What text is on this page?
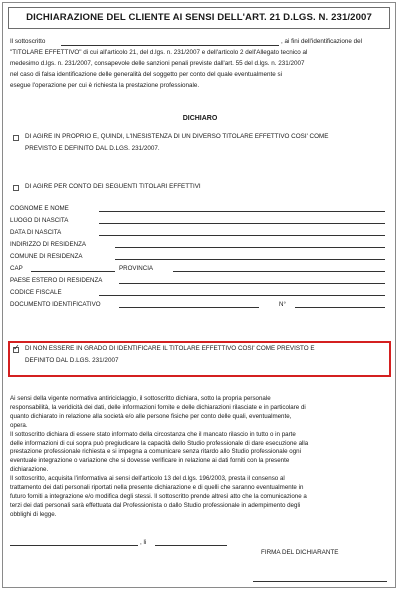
DICHIARAZIONE DEL CLIENTE AI SENSI DELL'ART. 21 D.LGS. N. 231/2007
Il sottoscritto	, ai fini dell'identificazione del
"TITOLARE EFFETTIVO" di cui all'articolo 21, del d.lgs. n. 231/2007 e dell'articolo 2 dell'Allegato tecnico al
medesimo d.lgs. n. 231/2007, consapevole delle sanzioni penali previste dall'art. 55 del d.lgs. n. 231/2007
nel caso di falsa identificazione delle generalità del soggetto per conto del quale eventualmente si
esegue l'operazione per cui è richiesta la prestazione professionale.
DICHIARO
DI AGIRE IN PROPRIO E, QUINDI, L'INESISTENZA DI UN DIVERSO TITOLARE EFFETTIVO COSI' COME
PREVISTO E DEFINITO DAL D.LGS. 231/2007.
DI AGIRE PER CONTO DEI SEGUENTI TITOLARI EFFETTIVI
COGNOME E NOME
LUOGO DI NASCITA
DATA DI NASCITA
INDIRIZZO DI RESIDENZA
COMUNE DI RESIDENZA
CAP	PROVINCIA
PAESE ESTERO DI RESIDENZA
CODICE FISCALE
DOCUMENTO IDENTIFICATIVO	N°
✓ DI NON ESSERE IN GRADO DI IDENTIFICARE IL TITOLARE EFFETTIVO COSI' COME PREVISTO E
DEFINITO DAL D.LGS. 231/2007
Ai sensi della vigente normativa antiriciclaggio, il sottoscritto dichiara, sotto la propria personale
responsabilità, la veridicità dei dati, delle informazioni fornite e delle dichiarazioni rilasciate e in particolare di
quanto dichiarato in relazione alla società e/o alle persone fisiche per conto delle quali, eventualmente,
opera.
Il sottoscritto dichiara di essere stato informato della circostanza che il mancato rilascio in tutto o in parte
delle informazioni di cui sopra può pregiudicare la capacità dello Studio professionale di dare esecuzione alla
prestazione professionale richiesta e si impegna a comunicare senza ritardo allo Studio professionale ogni
eventuale integrazione o variazione che si dovesse verificare in relazione ai dati forniti con la presente
dichiarazione.
Il sottoscritto, acquisita l'informativa ai sensi dell'articolo 13 del d.lgs. 196/2003, presta il consenso al
trattamento dei dati personali riportati nella presente dichiarazione e di quelli che saranno eventualmente in
futuro forniti a integrazione e/o modifica degli stessi. Il sottoscritto prende altresì atto che la comunicazione a
terzi dei dati personali sarà effettuata dal Professionista o dallo Studio professionale in adempimento degli
obblighi di legge.
, li
FIRMA DEL DICHIARANTE
